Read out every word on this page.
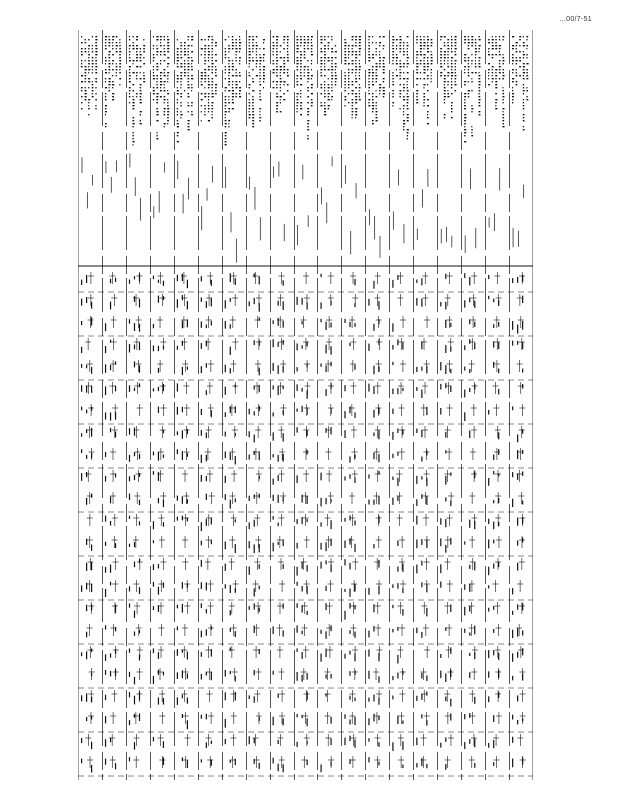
...00/7-51
